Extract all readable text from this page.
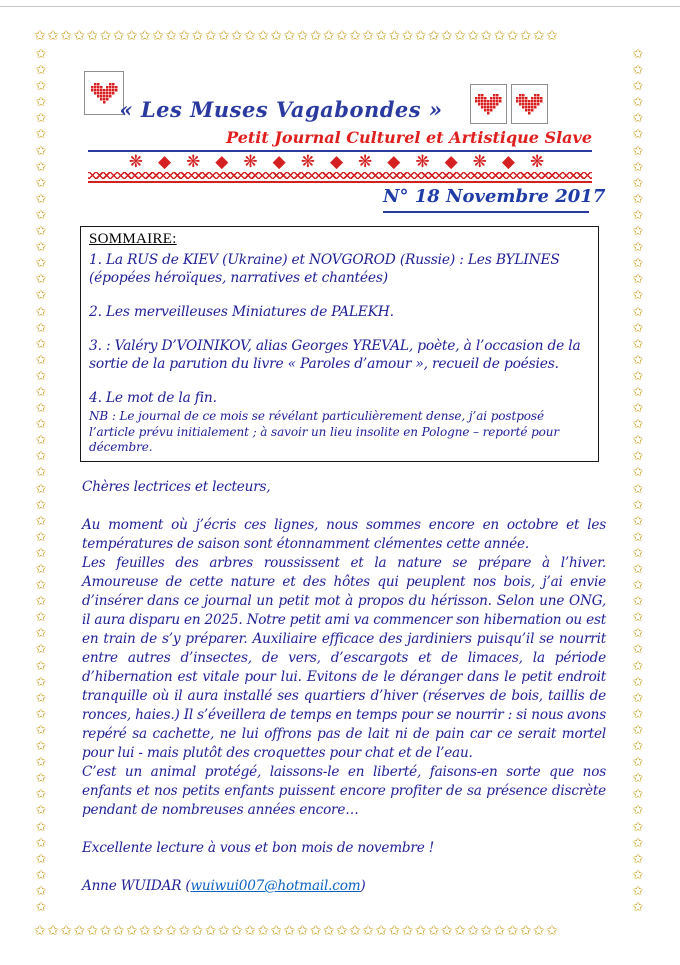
✩✩✩✩✩✩✩✩✩✩✩✩✩✩✩✩✩✩✩✩✩✩✩✩✩✩✩✩✩✩✩✩✩✩✩✩✩✩✩✩
✩✩✩✩✩✩✩✩✩✩✩✩✩✩✩✩✩✩✩✩✩✩✩✩✩✩✩✩✩✩✩✩✩✩✩✩✩✩✩✩✩✩✩✩✩✩✩✩✩✩✩✩✩✩
✩✩✩✩✩✩✩✩✩✩✩✩✩✩✩✩✩✩✩✩✩✩✩✩✩✩✩✩✩✩✩✩✩✩✩✩✩✩✩✩✩✩✩✩✩✩✩✩✩✩✩✩✩✩
✩✩✩✩✩✩✩✩✩✩✩✩✩✩✩✩✩✩✩✩✩✩✩✩✩✩✩✩✩✩✩✩✩✩✩✩✩✩✩✩
« Les Muses Vagabondes »
Petit Journal Culturel et Artistique Slave
❋◆❋◆❋◆❋◆❋◆❋◆❋◆❋
N° 18 Novembre 2017
SOMMAIRE:
1. La RUS de KIEV (Ukraine) et NOVGOROD (Russie) : Les BYLINES (épopées héroïques, narratives et chantées)
2. Les merveilleuses Miniatures de PALEKH.
3. : Valéry D’VOINIKOV, alias Georges YREVAL, poète, à l’occasion de la sortie de la parution du livre « Paroles d’amour », recueil de poésies.
4. Le mot de la fin.
NB : Le journal de ce mois se révélant particulièrement dense, j’ai postposé l’article prévu initialement ; à savoir un lieu insolite en Pologne – reporté pour décembre.

Chères lectrices et lecteurs,

Au moment où j’écris ces lignes, nous sommes encore en octobre et les températures de saison sont étonnamment clémentes cette année.

Les feuilles des arbres roussissent et la nature se prépare à l’hiver. Amoureuse de cette nature et des hôtes qui peuplent nos bois, j’ai envie d’insérer dans ce journal un petit mot à propos du hérisson. Selon une ONG, il aura disparu en 2025. Notre petit ami va commencer son hibernation ou est en train de s’y préparer. Auxiliaire efficace des jardiniers puisqu’il se nourrit entre autres d’insectes, de vers, d’escargots et de limaces, la période d’hibernation est vitale pour lui. Evitons de le déranger dans le petit endroit tranquille où il aura installé ses quartiers d’hiver (réserves de bois, taillis de ronces, haies.) Il s’éveillera de temps en temps pour se nourrir : si nous avons repéré sa cachette, ne lui offrons pas de lait ni de pain car ce serait mortel pour lui - mais plutôt des croquettes pour chat et de l’eau.

C’est un animal protégé, laissons-le en liberté, faisons-en sorte que nos enfants et nos petits enfants puissent encore profiter de sa présence discrète pendant de nombreuses années encore…

Excellente lecture à vous et bon mois de novembre !

Anne WUIDAR (wuiwui007@hotmail.com)
